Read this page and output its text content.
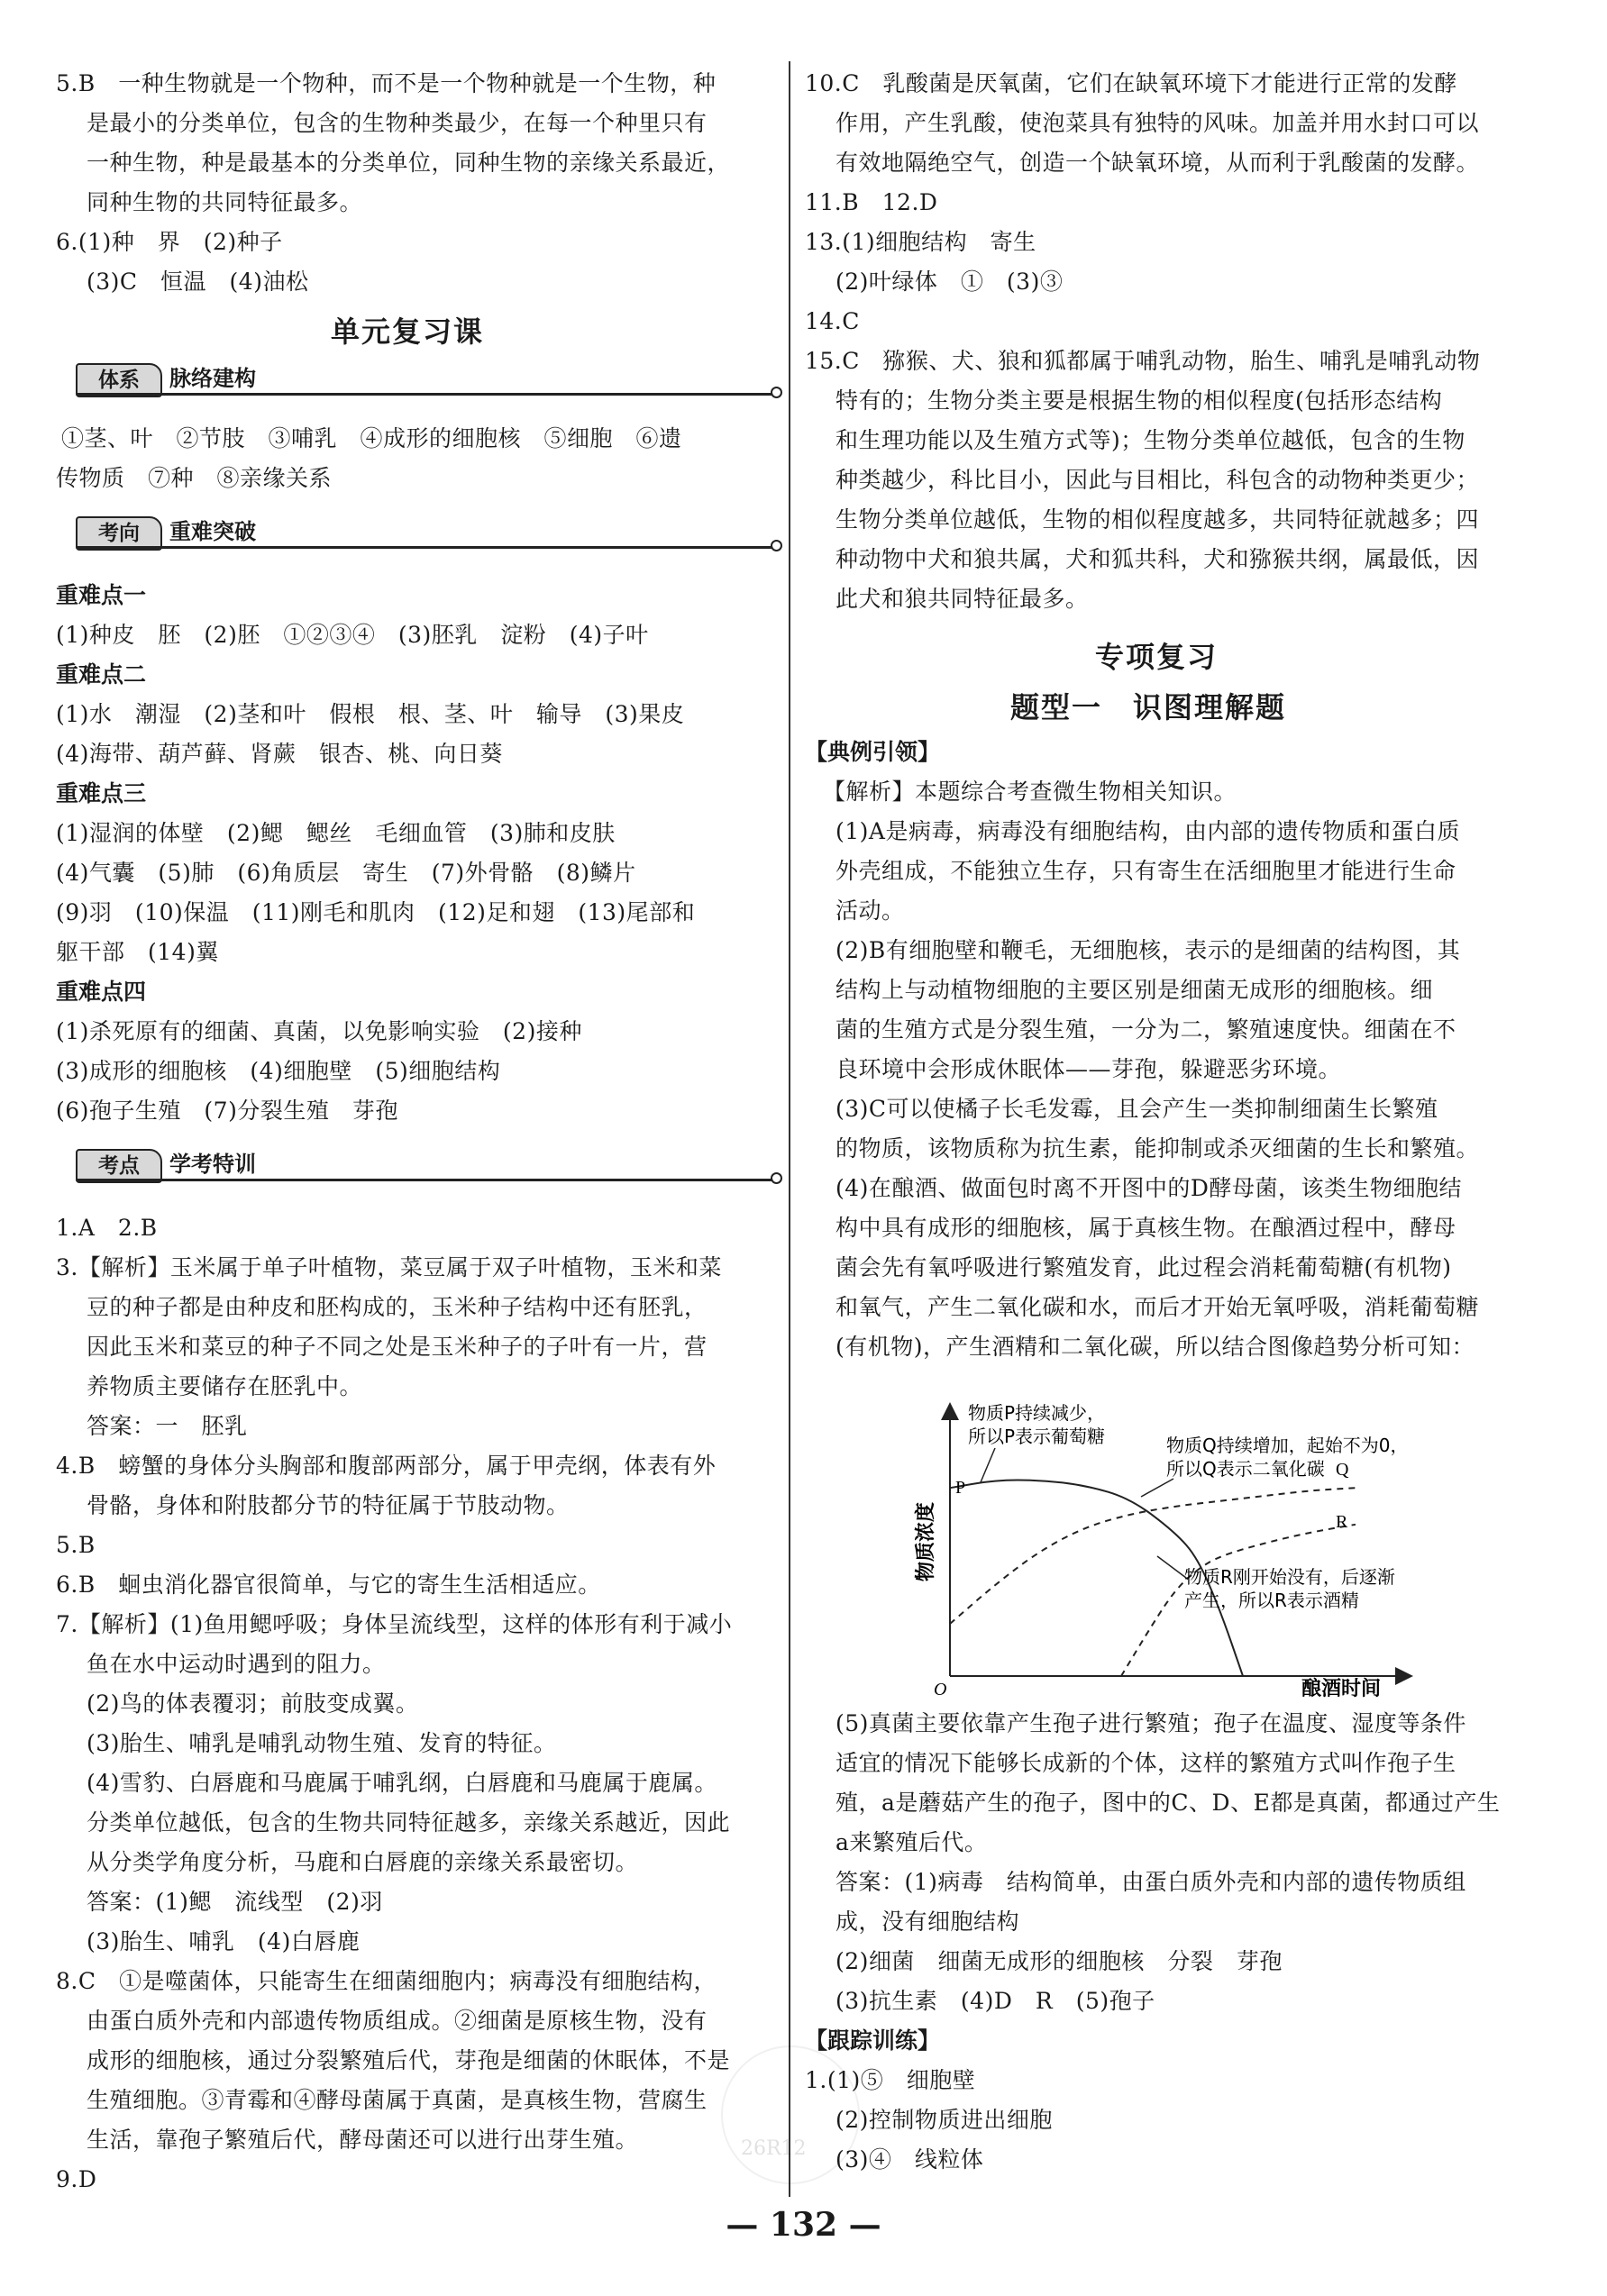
5.B　一种生物就是一个物种，而不是一个物种就是一个生物，种
是最小的分类单位，包含的生物种类最少，在每一个种里只有
一种生物，种是最基本的分类单位，同种生物的亲缘关系最近，
同种生物的共同特征最多。
6.(1)种　界　(2)种子
(3)C　恒温　(4)油松
单元复习课
体系	脉络建构
①茎、叶　②节肢　③哺乳　④成形的细胞核　⑤细胞　⑥遗
传物质　⑦种　⑧亲缘关系
考向	重难突破
重难点一
(1)种皮　胚　(2)胚　①②③④　(3)胚乳　淀粉　(4)子叶
重难点二
(1)水　潮湿　(2)茎和叶　假根　根、茎、叶　输导　(3)果皮
(4)海带、葫芦藓、肾蕨　银杏、桃、向日葵
重难点三
(1)湿润的体壁　(2)鳃　鳃丝　毛细血管　(3)肺和皮肤
(4)气囊　(5)肺　(6)角质层　寄生　(7)外骨骼　(8)鳞片
(9)羽　(10)保温　(11)刚毛和肌肉　(12)足和翅　(13)尾部和
躯干部　(14)翼
重难点四
(1)杀死原有的细菌、真菌，以免影响实验　(2)接种
(3)成形的细胞核　(4)细胞壁　(5)细胞结构
(6)孢子生殖　(7)分裂生殖　芽孢
考点	学考特训
1.A　2.B
3.【解析】玉米属于单子叶植物，菜豆属于双子叶植物，玉米和菜
豆的种子都是由种皮和胚构成的，玉米种子结构中还有胚乳，
因此玉米和菜豆的种子不同之处是玉米种子的子叶有一片，营
养物质主要储存在胚乳中。
答案：一　胚乳
4.B　螃蟹的身体分头胸部和腹部两部分，属于甲壳纲，体表有外
骨骼，身体和附肢都分节的特征属于节肢动物。
5.B
6.B　蛔虫消化器官很简单，与它的寄生生活相适应。
7.【解析】(1)鱼用鳃呼吸；身体呈流线型，这样的体形有利于减小
鱼在水中运动时遇到的阻力。
(2)鸟的体表覆羽；前肢变成翼。
(3)胎生、哺乳是哺乳动物生殖、发育的特征。
(4)雪豹、白唇鹿和马鹿属于哺乳纲，白唇鹿和马鹿属于鹿属。
分类单位越低，包含的生物共同特征越多，亲缘关系越近，因此
从分类学角度分析，马鹿和白唇鹿的亲缘关系最密切。
答案：(1)鳃　流线型　(2)羽
(3)胎生、哺乳　(4)白唇鹿
8.C　①是噬菌体，只能寄生在细菌细胞内；病毒没有细胞结构，
由蛋白质外壳和内部遗传物质组成。②细菌是原核生物，没有
成形的细胞核，通过分裂繁殖后代，芽孢是细菌的休眠体，不是
生殖细胞。③青霉和④酵母菌属于真菌，是真核生物，营腐生
生活，靠孢子繁殖后代，酵母菌还可以进行出芽生殖。
9.D
10.C　乳酸菌是厌氧菌，它们在缺氧环境下才能进行正常的发酵
作用，产生乳酸，使泡菜具有独特的风味。加盖并用水封口可以
有效地隔绝空气，创造一个缺氧环境，从而利于乳酸菌的发酵。
11.B　12.D
13.(1)细胞结构　寄生
(2)叶绿体　①　(3)③
14.C
15.C　猕猴、犬、狼和狐都属于哺乳动物，胎生、哺乳是哺乳动物
特有的；生物分类主要是根据生物的相似程度(包括形态结构
和生理功能以及生殖方式等)；生物分类单位越低，包含的生物
种类越少，科比目小，因此与目相比，科包含的动物种类更少；
生物分类单位越低，生物的相似程度越多，共同特征就越多；四
种动物中犬和狼共属，犬和狐共科，犬和猕猴共纲，属最低，因
此犬和狼共同特征最多。
专项复习
题型一　识图理解题
【典例引领】
【解析】本题综合考查微生物相关知识。
(1)A是病毒，病毒没有细胞结构，由内部的遗传物质和蛋白质
外壳组成，不能独立生存，只有寄生在活细胞里才能进行生命
活动。
(2)B有细胞壁和鞭毛，无细胞核，表示的是细菌的结构图，其
结构上与动植物细胞的主要区别是细菌无成形的细胞核。细
菌的生殖方式是分裂生殖，一分为二，繁殖速度快。细菌在不
良环境中会形成休眠体——芽孢，躲避恶劣环境。
(3)C可以使橘子长毛发霉，且会产生一类抑制细菌生长繁殖
的物质，该物质称为抗生素，能抑制或杀灭细菌的生长和繁殖。
(4)在酿酒、做面包时离不开图中的D酵母菌，该类生物细胞结
构中具有成形的细胞核，属于真核生物。在酿酒过程中，酵母
菌会先有氧呼吸进行繁殖发育，此过程会消耗葡萄糖(有机物)
和氧气，产生二氧化碳和水，而后才开始无氧呼吸，消耗葡萄糖
(有机物)，产生酒精和二氧化碳，所以结合图像趋势分析可知：
(5)真菌主要依靠产生孢子进行繁殖；孢子在温度、湿度等条件
适宜的情况下能够长成新的个体，这样的繁殖方式叫作孢子生
殖，a是蘑菇产生的孢子，图中的C、D、E都是真菌，都通过产生
a来繁殖后代。
答案：(1)病毒　结构简单，由蛋白质外壳和内部的遗传物质组
成，没有细胞结构
(2)细菌　细菌无成形的细胞核　分裂　芽孢
(3)抗生素　(4)D　R　(5)孢子
【跟踪训练】
1.(1)⑤　细胞壁
(2)控制物质进出细胞
(3)④　线粒体
O	酿酒时间
物质浓度
P
Q
R
物质P持续减少，
所以P表示葡萄糖	物质Q持续增加，起始不为0，
所以Q表示二氧化碳
物质R刚开始没有，后逐渐
产生，所以R表示酒精
26R12
— 132 —
